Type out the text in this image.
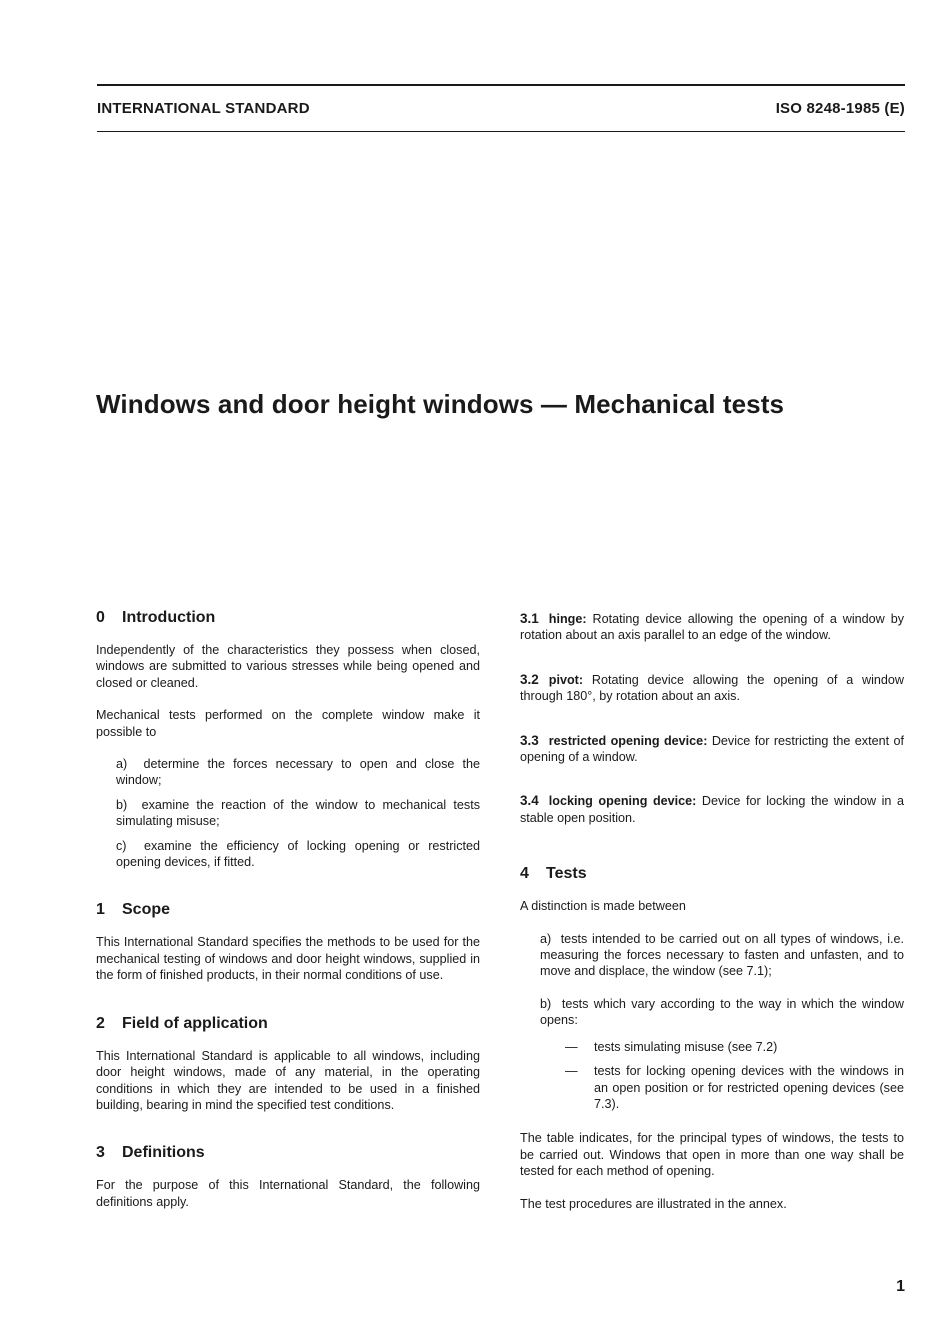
INTERNATIONAL STANDARD	ISO 8248-1985 (E)
Windows and door height windows — Mechanical tests
0 Introduction

Independently of the characteristics they possess when closed, windows are submitted to various stresses while being opened and closed or cleaned.

Mechanical tests performed on the complete window make it possible to

a) determine the forces necessary to open and close the window;
b) examine the reaction of the window to mechanical tests simulating misuse;
c) examine the efficiency of locking opening or restricted opening devices, if fitted.
1 Scope

This International Standard specifies the methods to be used for the mechanical testing of windows and door height windows, supplied in the form of finished products, in their normal conditions of use.

2 Field of application

This International Standard is applicable to all windows, including door height windows, made of any material, in the operating conditions in which they are intended to be used in a finished building, bearing in mind the specified test conditions.

3 Definitions

For the purpose of this International Standard, the following definitions apply.

3.1 hinge: Rotating device allowing the opening of a window by rotation about an axis parallel to an edge of the window.
3.2 pivot: Rotating device allowing the opening of a window through 180°, by rotation about an axis.
3.3 restricted opening device: Device for restricting the extent of opening of a window.
3.4 locking opening device: Device for locking the window in a stable open position.
4 Tests

A distinction is made between

a) tests intended to be carried out on all types of windows, i.e. measuring the forces necessary to fasten and unfasten, and to move and displace, the window (see 7.1);
b) tests which vary according to the way in which the window opens:
— tests simulating misuse (see 7.2)
— tests for locking opening devices with the windows in an open position or for restricted opening devices (see 7.3).

The table indicates, for the principal types of windows, the tests to be carried out. Windows that open in more than one way shall be tested for each method of opening.

The test procedures are illustrated in the annex.

1
